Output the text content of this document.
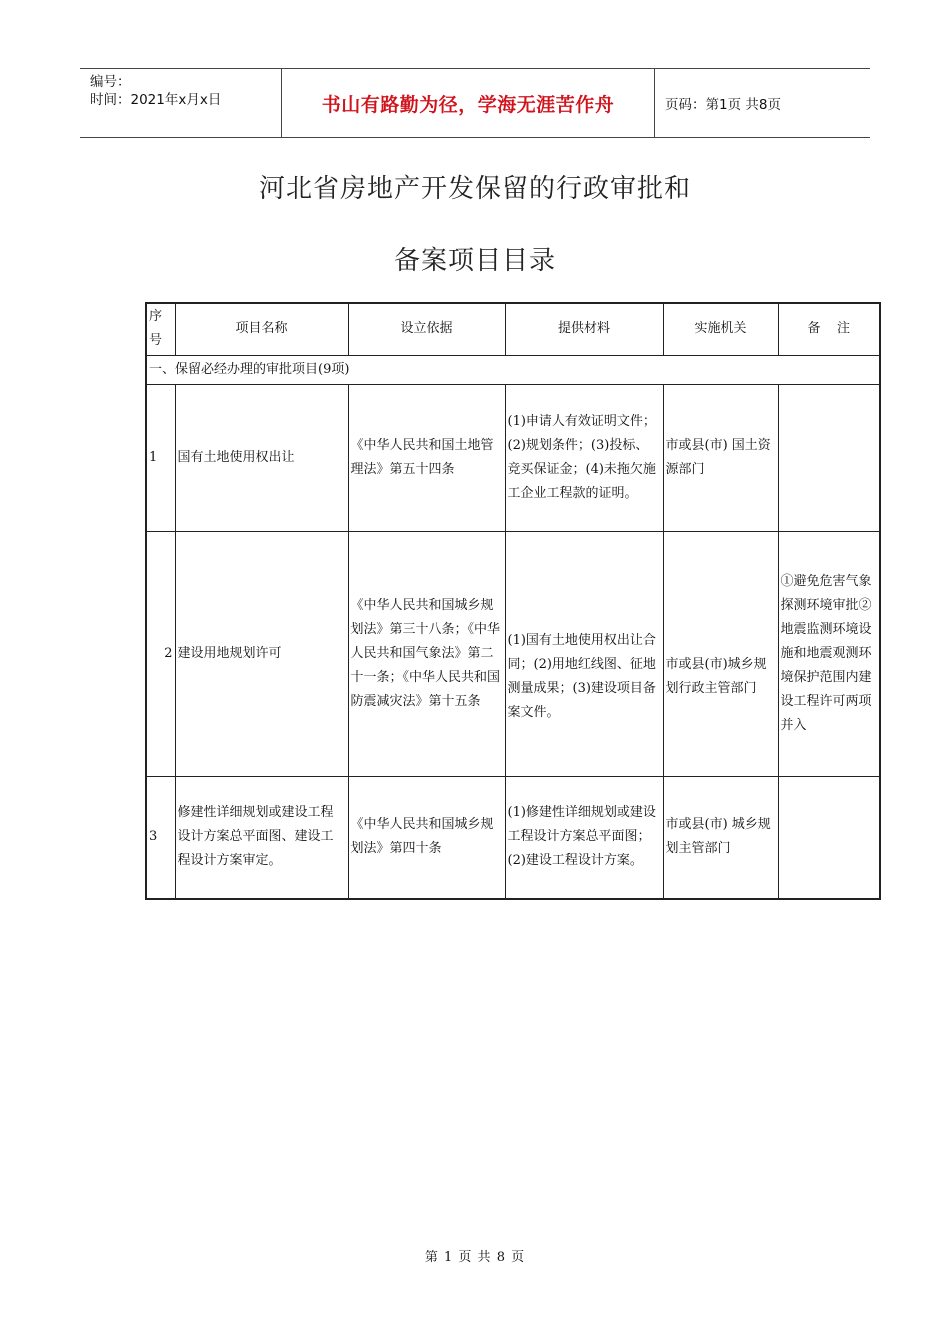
编号：
时间：2021年x月x日	书山有路勤为径，学海无涯苦作舟	页码：第1页 共8页
河北省房地产开发保留的行政审批和
备案项目目录
序
号	项目名称	设立依据	提供材料	实施机关	备    注
一、保留必经办理的审批项目(9项)					
1	国有土地使用权出让	《中华人民共和国土地管理法》第五十四条	(1)申请人有效证明文件；(2)规划条件；(3)投标、竞买保证金；(4)未拖欠施工企业工程款的证明。	市或县(市) 国土资源部门	
2	建设用地规划许可	《中华人民共和国城乡规划法》第三十八条；《中华人民共和国气象法》第二十一条；《中华人民共和国防震减灾法》第十五条	(1)国有土地使用权出让合同；(2)用地红线图、征地测量成果；(3)建设项目备案文件。	市或县(市)城乡规划行政主管部门	①避免危害气象探测环境审批②地震监测环境设施和地震观测环境保护范围内建设工程许可两项并入
3	修建性详细规划或建设工程设计方案总平面图、建设工程设计方案审定。	《中华人民共和国城乡规划法》第四十条	(1)修建性详细规划或建设工程设计方案总平面图；(2)建设工程设计方案。	市或县(市) 城乡规划主管部门	
第 1 页 共 8 页
